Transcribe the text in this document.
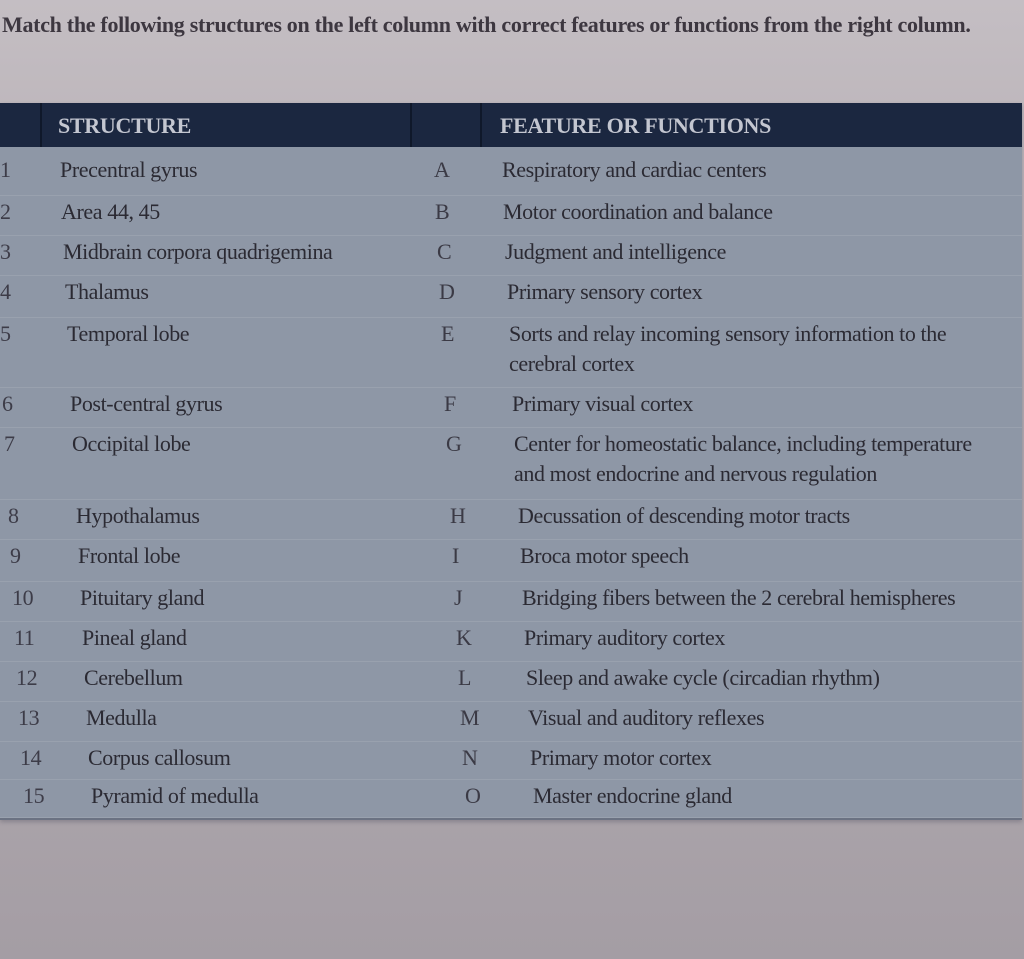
Match the following structures on the left column with correct features or functions from the right column.

STRUCTURE	FEATURE OR FUNCTIONS
1 Precentral gyrus	A Respiratory and cardiac centers
2 Area 44, 45	B Motor coordination and balance
3 Midbrain corpora quadrigemina	C Judgment and intelligence
4 Thalamus	D Primary sensory cortex
5	Temporal lobe	E Sorts and relay incoming sensory information to the cerebral cortex
6	Post-central gyrus	F	Primary visual cortex
7	Occipital lobe	G Center for homeostatic balance, including temperature and most endocrine and nervous regulation
8	Hypothalamus	H Decussation of descending motor tracts
9	Frontal lobe	I	Broca motor speech
10 Pituitary gland	J	Bridging fibers between the 2 cerebral hemispheres
11 Pineal gland	K Primary auditory cortex
12 Cerebellum	L Sleep and awake cycle (circadian rhythm)
13 Medulla	M Visual and auditory reflexes
14 Corpus callosum	N Primary motor cortex
15 Pyramid of medulla	O Master endocrine gland
